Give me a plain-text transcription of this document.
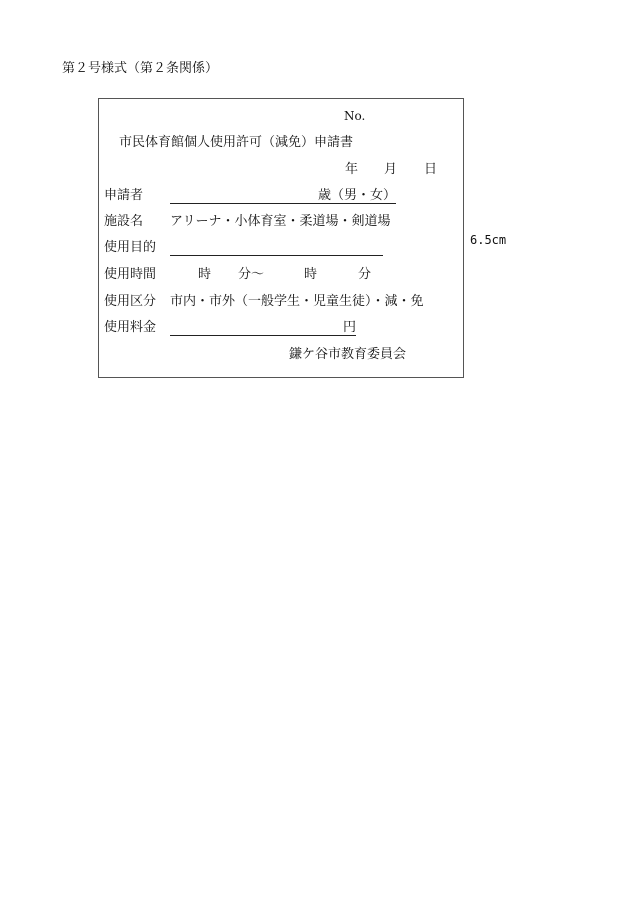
第２号様式（第２条関係）
No.
市民体育館個人使用許可（減免）申請書
年 月 日
申請者	歳（男・女）
施設名 アリーナ・小体育室・柔道場・剣道場
使用目的
使用時間	時 分〜	時	分
使用区分 市内・市外（一般学生・児童生徒）・減・免
使用料金	円
鎌ケ谷市教育委員会
6.5cm
